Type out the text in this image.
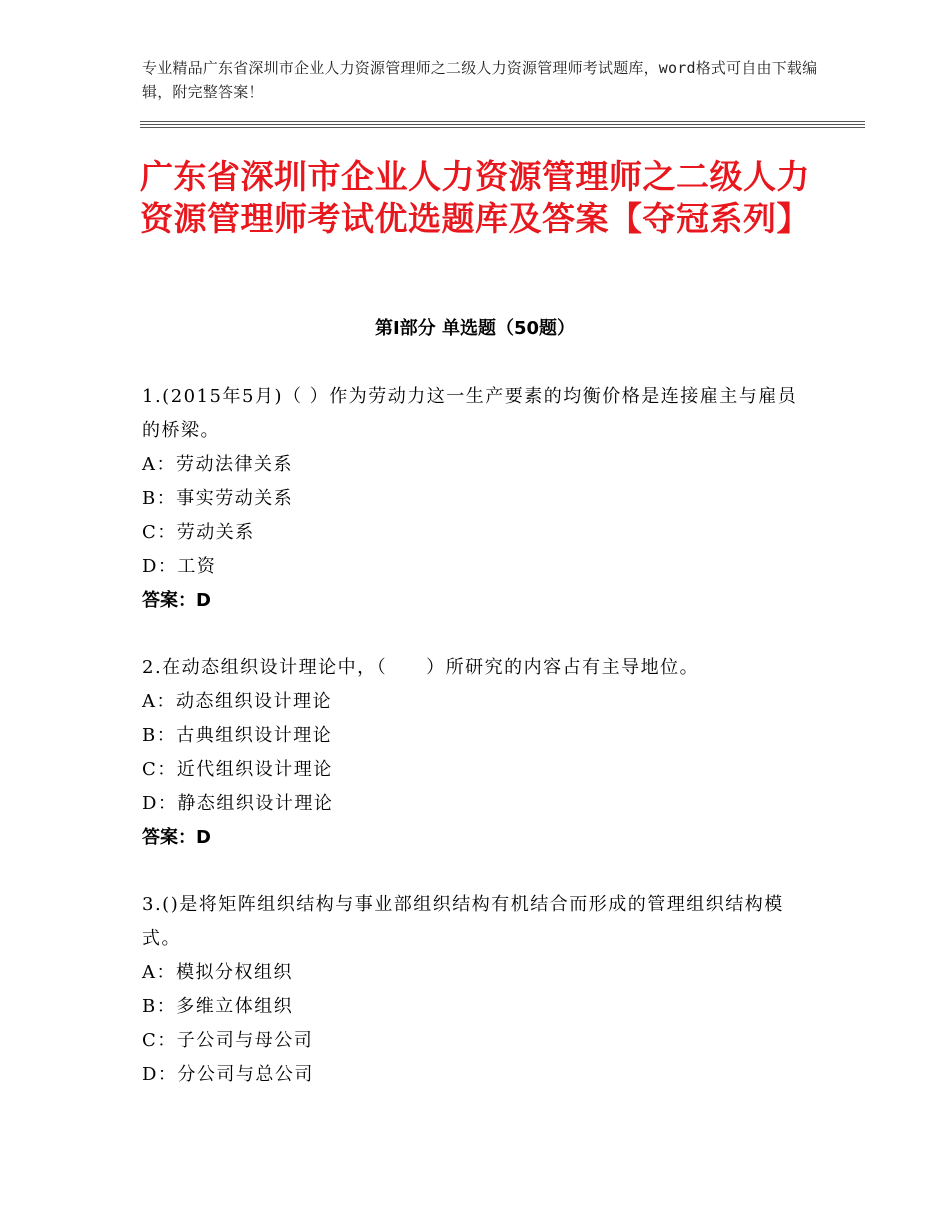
专业精品广东省深圳市企业人力资源管理师之二级人力资源管理师考试题库，word格式可自由下载编辑，附完整答案！
广东省深圳市企业人力资源管理师之二级人力资源管理师考试优选题库及答案【夺冠系列】
第Ⅰ部分 单选题（50题）
1.(2015年5月)（ ）作为劳动力这一生产要素的均衡价格是连接雇主与雇员的桥梁。
A：劳动法律关系
B：事实劳动关系
C：劳动关系
D：工资
答案：D
2.在动态组织设计理论中，（　　）所研究的内容占有主导地位。
A：动态组织设计理论
B：古典组织设计理论
C：近代组织设计理论
D：静态组织设计理论
答案：D
3.()是将矩阵组织结构与事业部组织结构有机结合而形成的管理组织结构模式。
A：模拟分权组织
B：多维立体组织
C：子公司与母公司
D：分公司与总公司
